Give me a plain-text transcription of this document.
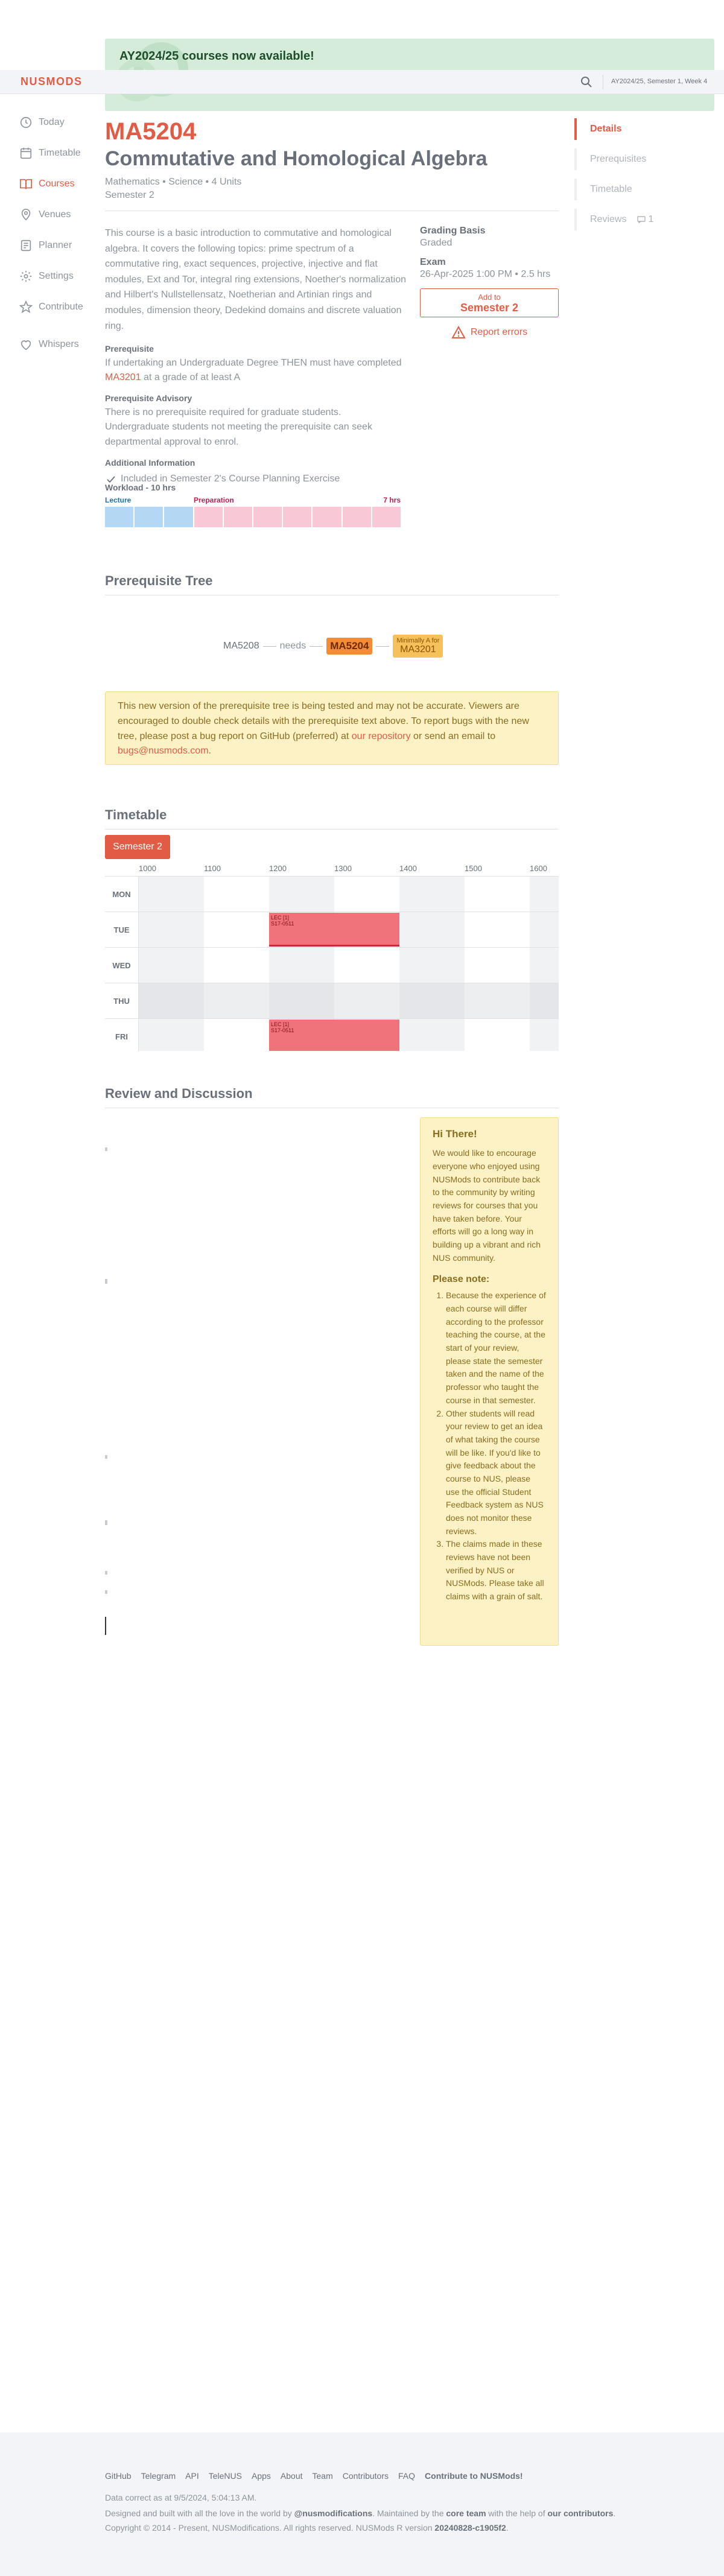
AY2024/25 courses now available!
NUSMODS	AY2024/25, Semester 1, Week 4
Today
Timetable
Courses
Venues
Planner
Settings
Contribute
Whispers
MA5204
Commutative and Homological Algebra
Mathematics • Science • 4 Units
Semester 2

This course is a basic introduction to commutative and homological algebra. It covers the following topics: prime spectrum of a commutative ring, exact sequences, projective, injective and flat modules, Ext and Tor, integral ring extensions, Noether's normalization and Hilbert's Nullstellensatz, Noetherian and Artinian rings and modules, dimension theory, Dedekind domains and discrete valuation ring.

Prerequisite
If undertaking an Undergraduate Degree THEN must have completed MA3201 at a grade of at least A
Prerequisite Advisory
There is no prerequisite required for graduate students. Undergraduate students not meeting the prerequisite can seek departmental approval to enrol.
Additional Information
Included in Semester 2's Course Planning Exercise
Grading Basis
Graded
Exam
26-Apr-2025 1:00 PM • 2.5 hrs
Add to
Semester 2
Report errors
Workload - 10 hrs
Lecture	Preparation	7 hrs
Details
Prerequisites
Timetable
Reviews 1
Prerequisite Tree
MA5208 needs	MA5204	Minimally A for
MA3201
This new version of the prerequisite tree is being tested and may not be accurate. Viewers are encouraged to double check details with the prerequisite text above. To report bugs with the new tree, please post a bug report on GitHub (preferred) at our repository or send an email to bugs@nusmods.com.
Timetable
Semester 2
1000	1100	1200	1300	1400	1500	1600
MON
TUE
LEC [1]
S17-0511
WED
THU
FRI
LEC [1]
S17-0511
Review and Discussion
Hi There!

We would like to encourage everyone who enjoyed using NUSMods to contribute back to the community by writing reviews for courses that you have taken before. Your efforts will go a long way in building up a vibrant and rich NUS community.

Please note:
1. Because the experience of each course will differ according to the professor teaching the course, at the start of your review, please state the semester taken and the name of the professor who taught the course in that semester.
2. Other students will read your review to get an idea of what taking the course will be like. If you'd like to give feedback about the course to NUS, please use the official Student Feedback system as NUS does not monitor these reviews.
3. The claims made in these reviews have not been verified by NUS or NUSMods. Please take all claims with a grain of salt.
GitHub Telegram API TeleNUS Apps About Team Contributors FAQ Contribute to NUSMods!
Data correct as at 9/5/2024, 5:04:13 AM.
Designed and built with all the love in the world by @nusmodifications. Maintained by the core team with the help of our contributors.
Copyright © 2014 - Present, NUSModifications. All rights reserved. NUSMods R version 20240828-c1905f2.
